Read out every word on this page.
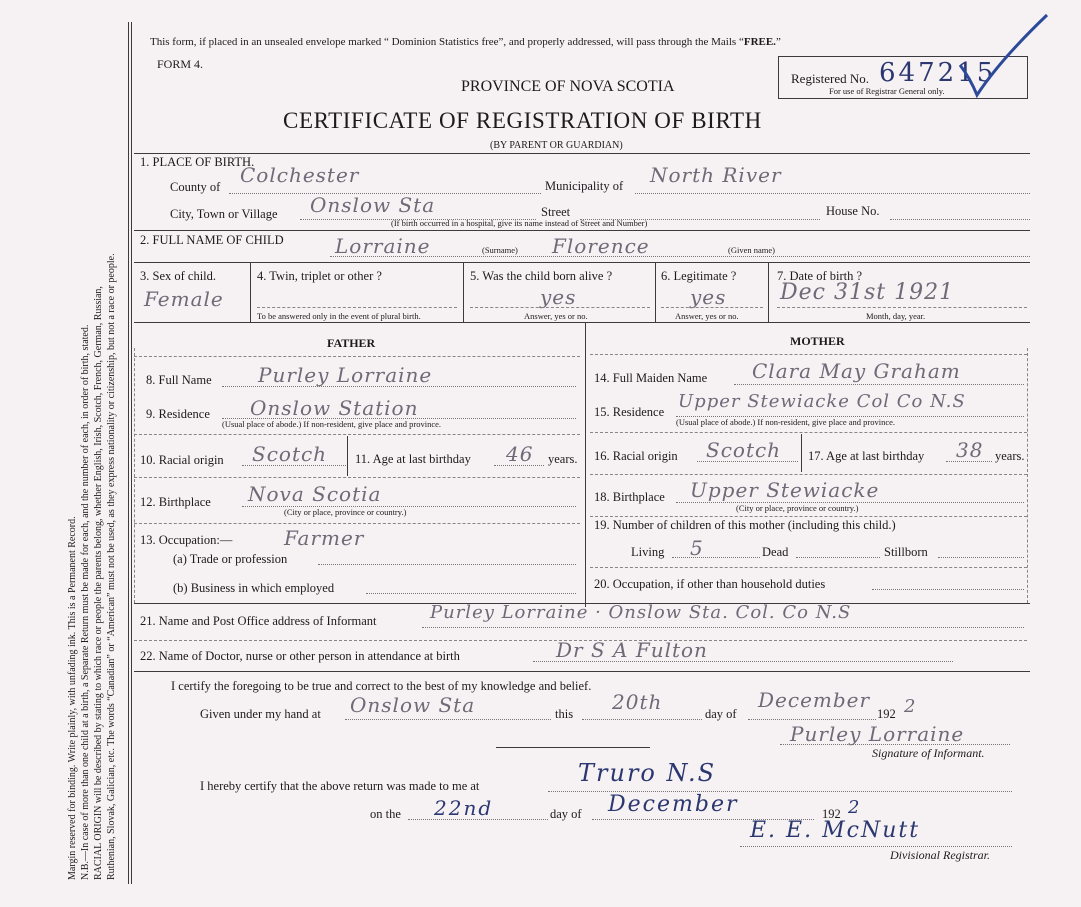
Margin reserved for binding. Write plainly, with unfading ink. This is a Permanent Record. N.B.—In case of more than one child at a birth, a Separate Return must be made for each, and the number of each, in order of birth, stated. RACIAL ORIGIN will be described by stating to which race or people the parents belong, whether English, Irish, Scotch, French, German, Russian, Ruthenian, Slovak, Galician, etc. The words “Canadian” or “American” must not be used, as they express nationality or citizenship, but not a race or people.
This form, if placed in an unsealed envelope marked “ Dominion Statistics free”, and properly addressed, will pass through the Mails “FREE.”
FORM 4.
Registered No. 647215
For use of Registrar General only.
PROVINCE OF NOVA SCOTIA
CERTIFICATE OF REGISTRATION OF BIRTH
(BY PARENT OR GUARDIAN)
1. PLACE OF BIRTH.
County of Colchester	Municipality of North River
City, Town or Village Onslow Sta	Street	House No.
(If birth occurred in a hospital, give its name instead of Street and Number)
2. FULL NAME OF CHILD	Lorraine	(Surname) Florence	(Given name)
3. Sex of child.
Female
4. Twin, triplet or other ?
To be answered only in the event of plural birth.
5. Was the child born alive ?
yes
Answer, yes or no.
6. Legitimate ?
yes
Answer, yes or no.
7. Date of birth ?
Dec 31st 1921
Month, day, year.
FATHER	MOTHER
8. Full Name Purley Lorraine
9. Residence Onslow Station
(Usual place of abode.) If non-resident, give place and province.
10. Racial origin Scotch 11. Age at last birthday 46 years.
12. Birthplace Nova Scotia
(City or place, province or country.)
13. Occupation:—
(a) Trade or profession
Farmer
(b) Business in which employed
14. Full Maiden Name Clara May Graham
15. Residence Upper Stewiacke Col Co N.S
(Usual place of abode.) If non-resident, give place and province.
16. Racial origin Scotch 17. Age at last birthday 38 years.
18. Birthplace Upper Stewiacke
(City or place, province or country.)
19. Number of children of this mother (including this child.)
Living 5	Dead	Stillborn
20. Occupation, if other than household duties
21. Name and Post Office address of Informant	Purley Lorraine · Onslow Sta. Col. Co N.S
22. Name of Doctor, nurse or other person in attendance at birth	Dr S A Fulton
I certify the foregoing to be true and correct to the best of my knowledge and belief.
Given under my hand at Onslow Sta	this 20th	day of
December
192 2
Purley Lorraine
Signature of Informant.
I hereby certify that the above return was made to me at	Truro N.S
on the 22nd	day of December	192 2
E. E. McNutt
Divisional Registrar.
